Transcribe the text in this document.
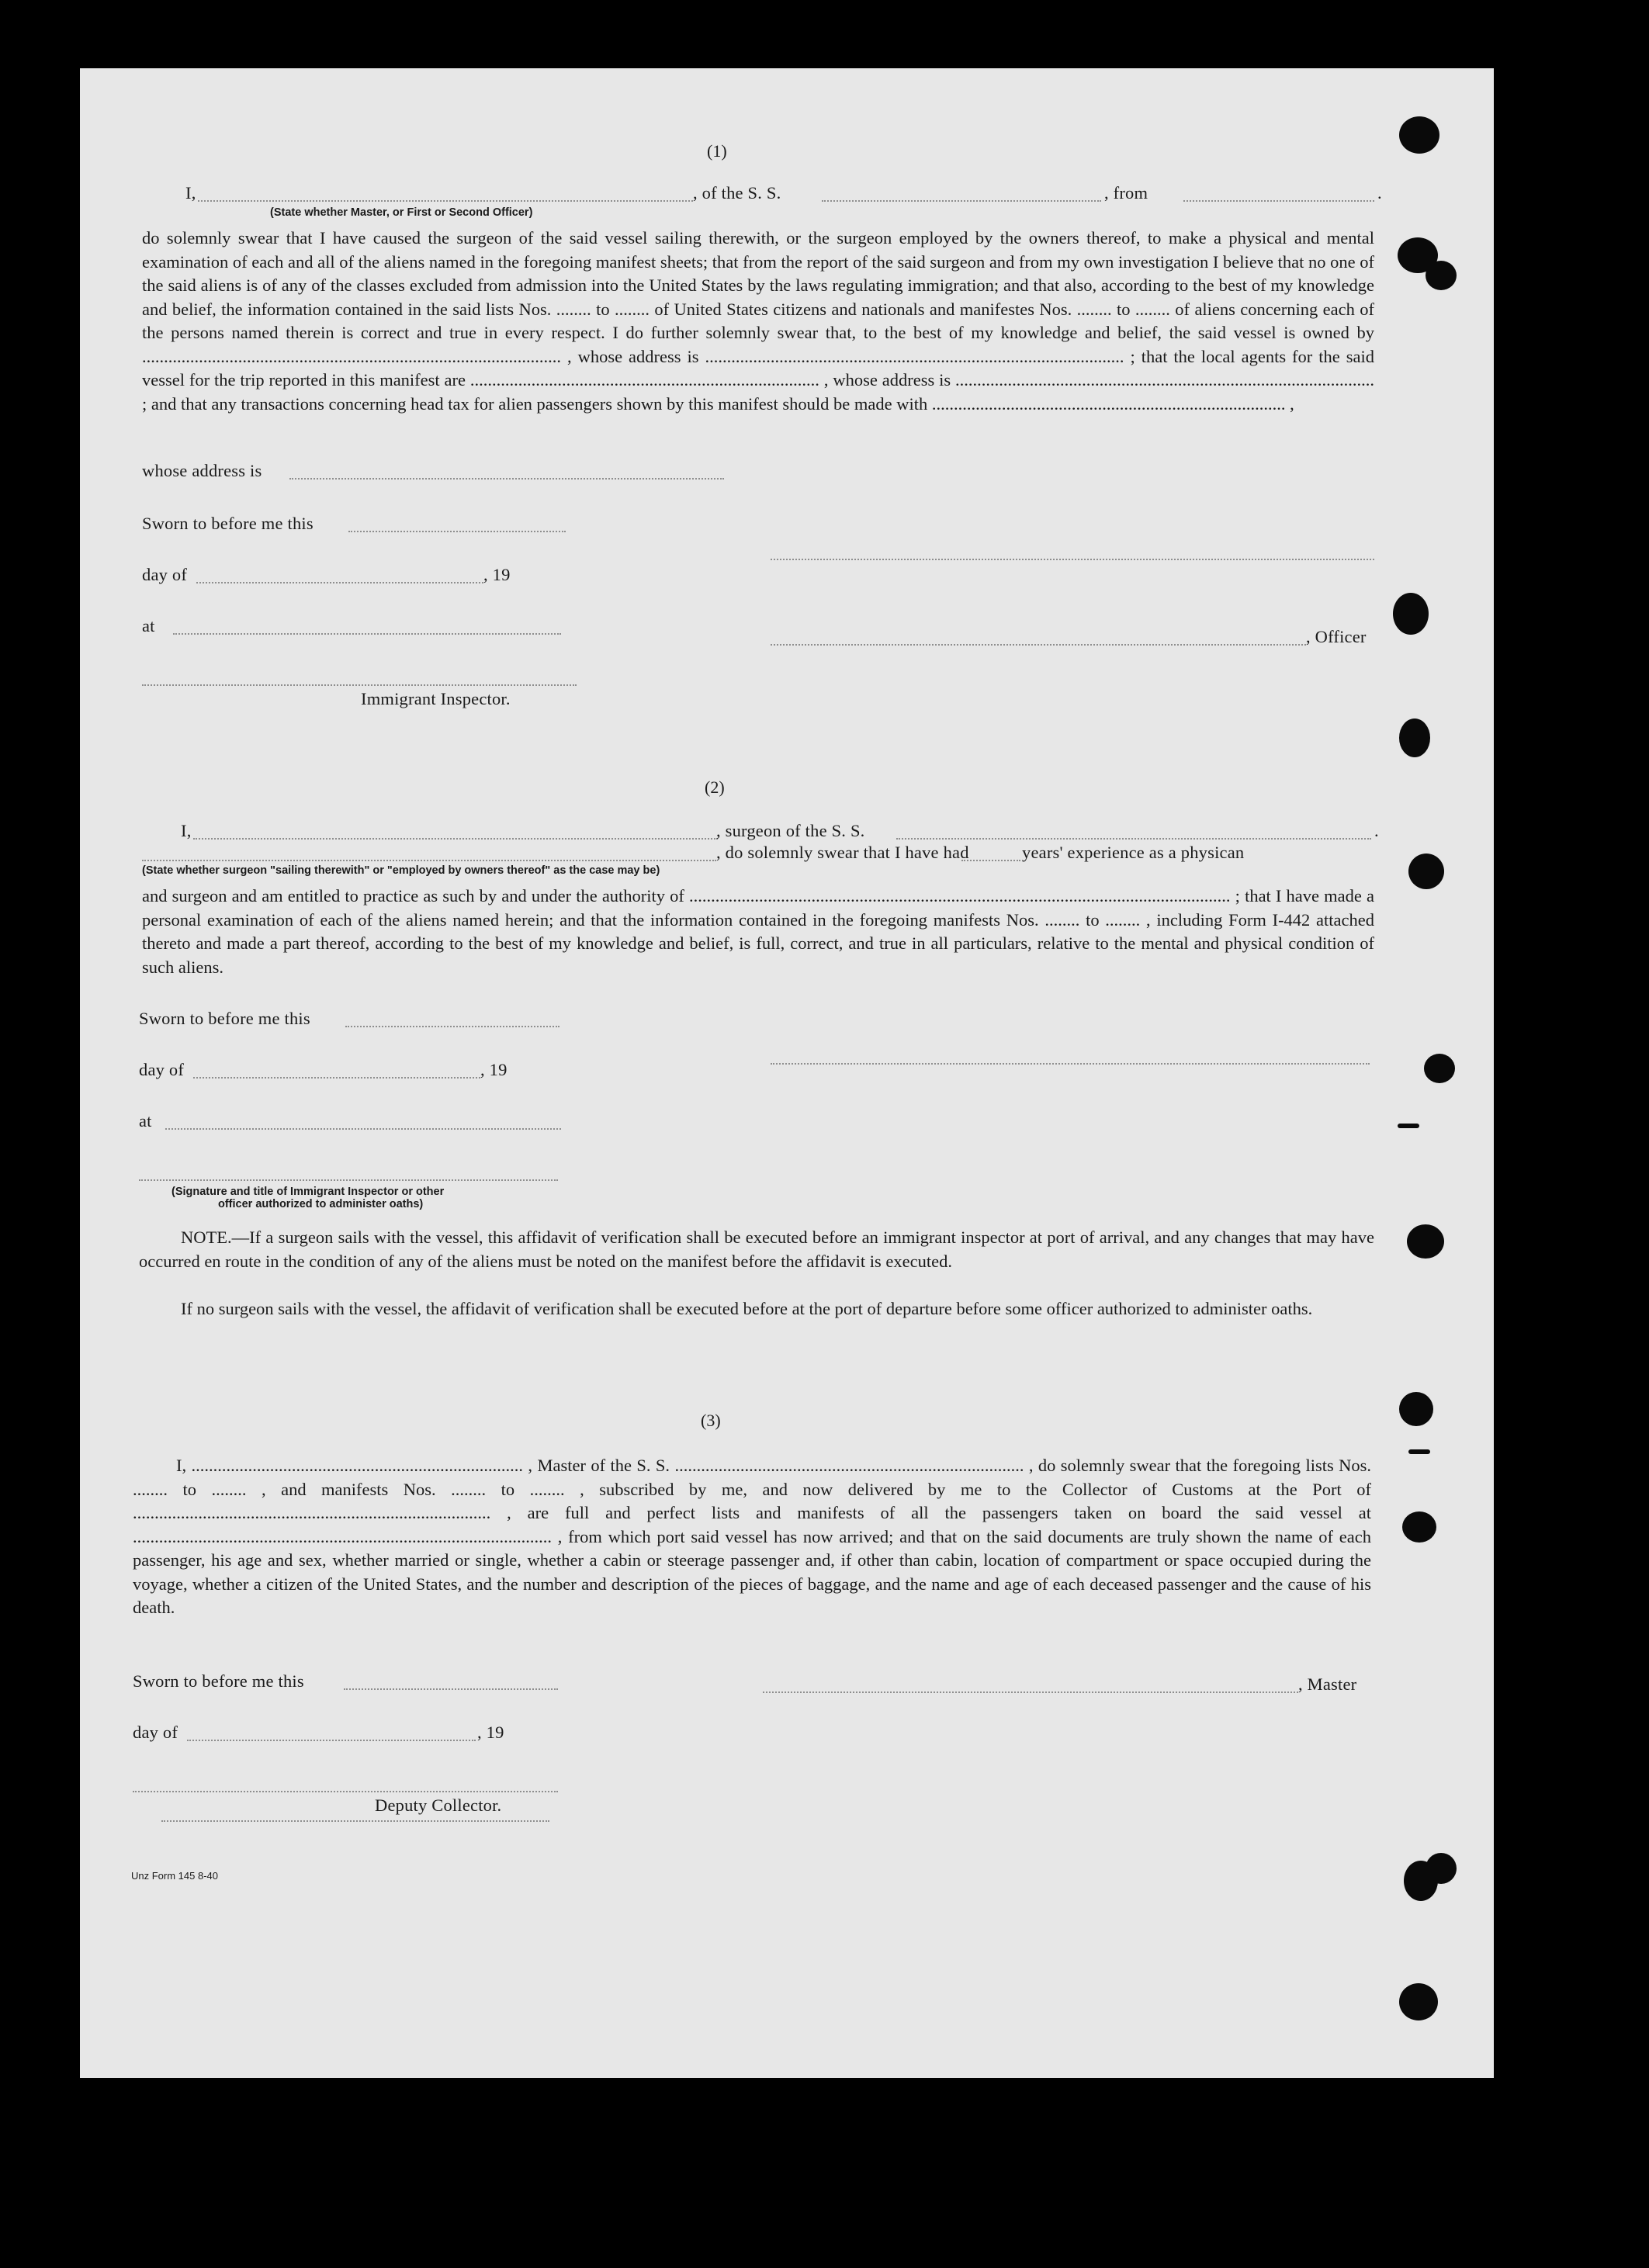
(1)
I,	, of the S. S.	, from	.
(State whether Master, or First or Second Officer)
do solemnly swear that I have caused the surgeon of the said vessel sailing therewith, or the surgeon employed by the owners thereof, to make a physical and mental examination of each and all of the aliens named in the foregoing manifest sheets; that from the report of the said surgeon and from my own investigation I believe that no one of the said aliens is of any of the classes excluded from admission into the United States by the laws regulating immigration; and that also, according to the best of my knowledge and belief, the information contained in the said lists Nos. ........ to ........ of United States citizens and nationals and manifestes Nos. ........ to ........ of aliens concerning each of the persons named therein is correct and true in every respect. I do further solemnly swear that, to the best of my knowledge and belief, the said vessel is owned by ................................................................................................ , whose address is ................................................................................................ ; that the local agents for the said vessel for the trip reported in this manifest are ................................................................................ , whose address is ................................................................................................ ; and that any transactions concerning head tax for alien passengers shown by this manifest should be made with ................................................................................. ,
whose address is
Sworn to before me this
day of	, 19
at
, Officer
Immigrant Inspector.
(2)
I,	, surgeon of the S. S.	.
, do solemnly swear that I have had	years' experience as a physican
(State whether surgeon "sailing therewith" or "employed by owners thereof" as the case may be)
and surgeon and am entitled to practice as such by and under the authority of ............................................................................................................................ ; that I have made a personal examination of each of the aliens named herein; and that the information contained in the foregoing manifests Nos. ........ to ........ , including Form I-442 attached thereto and made a part thereof, according to the best of my knowledge and belief, is full, correct, and true in all particulars, relative to the mental and physical condition of such aliens.
Sworn to before me this
day of	, 19
at
(Signature and title of Immigrant Inspector or other
officer authorized to administer oaths)
NOTE.—If a surgeon sails with the vessel, this affidavit of verification shall be executed before an immigrant inspector at port of arrival, and any changes that may have occurred en route in the condition of any of the aliens must be noted on the manifest before the affidavit is executed.
If no surgeon sails with the vessel, the affidavit of verification shall be executed before at the port of departure before some officer authorized to administer oaths.
(3)
I, ............................................................................ , Master of the S. S. ................................................................................ , do solemnly swear that the foregoing lists Nos. ........ to ........ , and manifests Nos. ........ to ........ , subscribed by me, and now delivered by me to the Collector of Customs at the Port of .................................................................................. , are full and perfect lists and manifests of all the passengers taken on board the said vessel at ................................................................................................ , from which port said vessel has now arrived; and that on the said documents are truly shown the name of each passenger, his age and sex, whether married or single, whether a cabin or steerage passenger and, if other than cabin, location of compartment or space occupied during the voyage, whether a citizen of the United States, and the number and description of the pieces of baggage, and the name and age of each deceased passenger and the cause of his death.
Sworn to before me this	, Master
day of	, 19
Deputy Collector.
Unz Form 145 8-40
